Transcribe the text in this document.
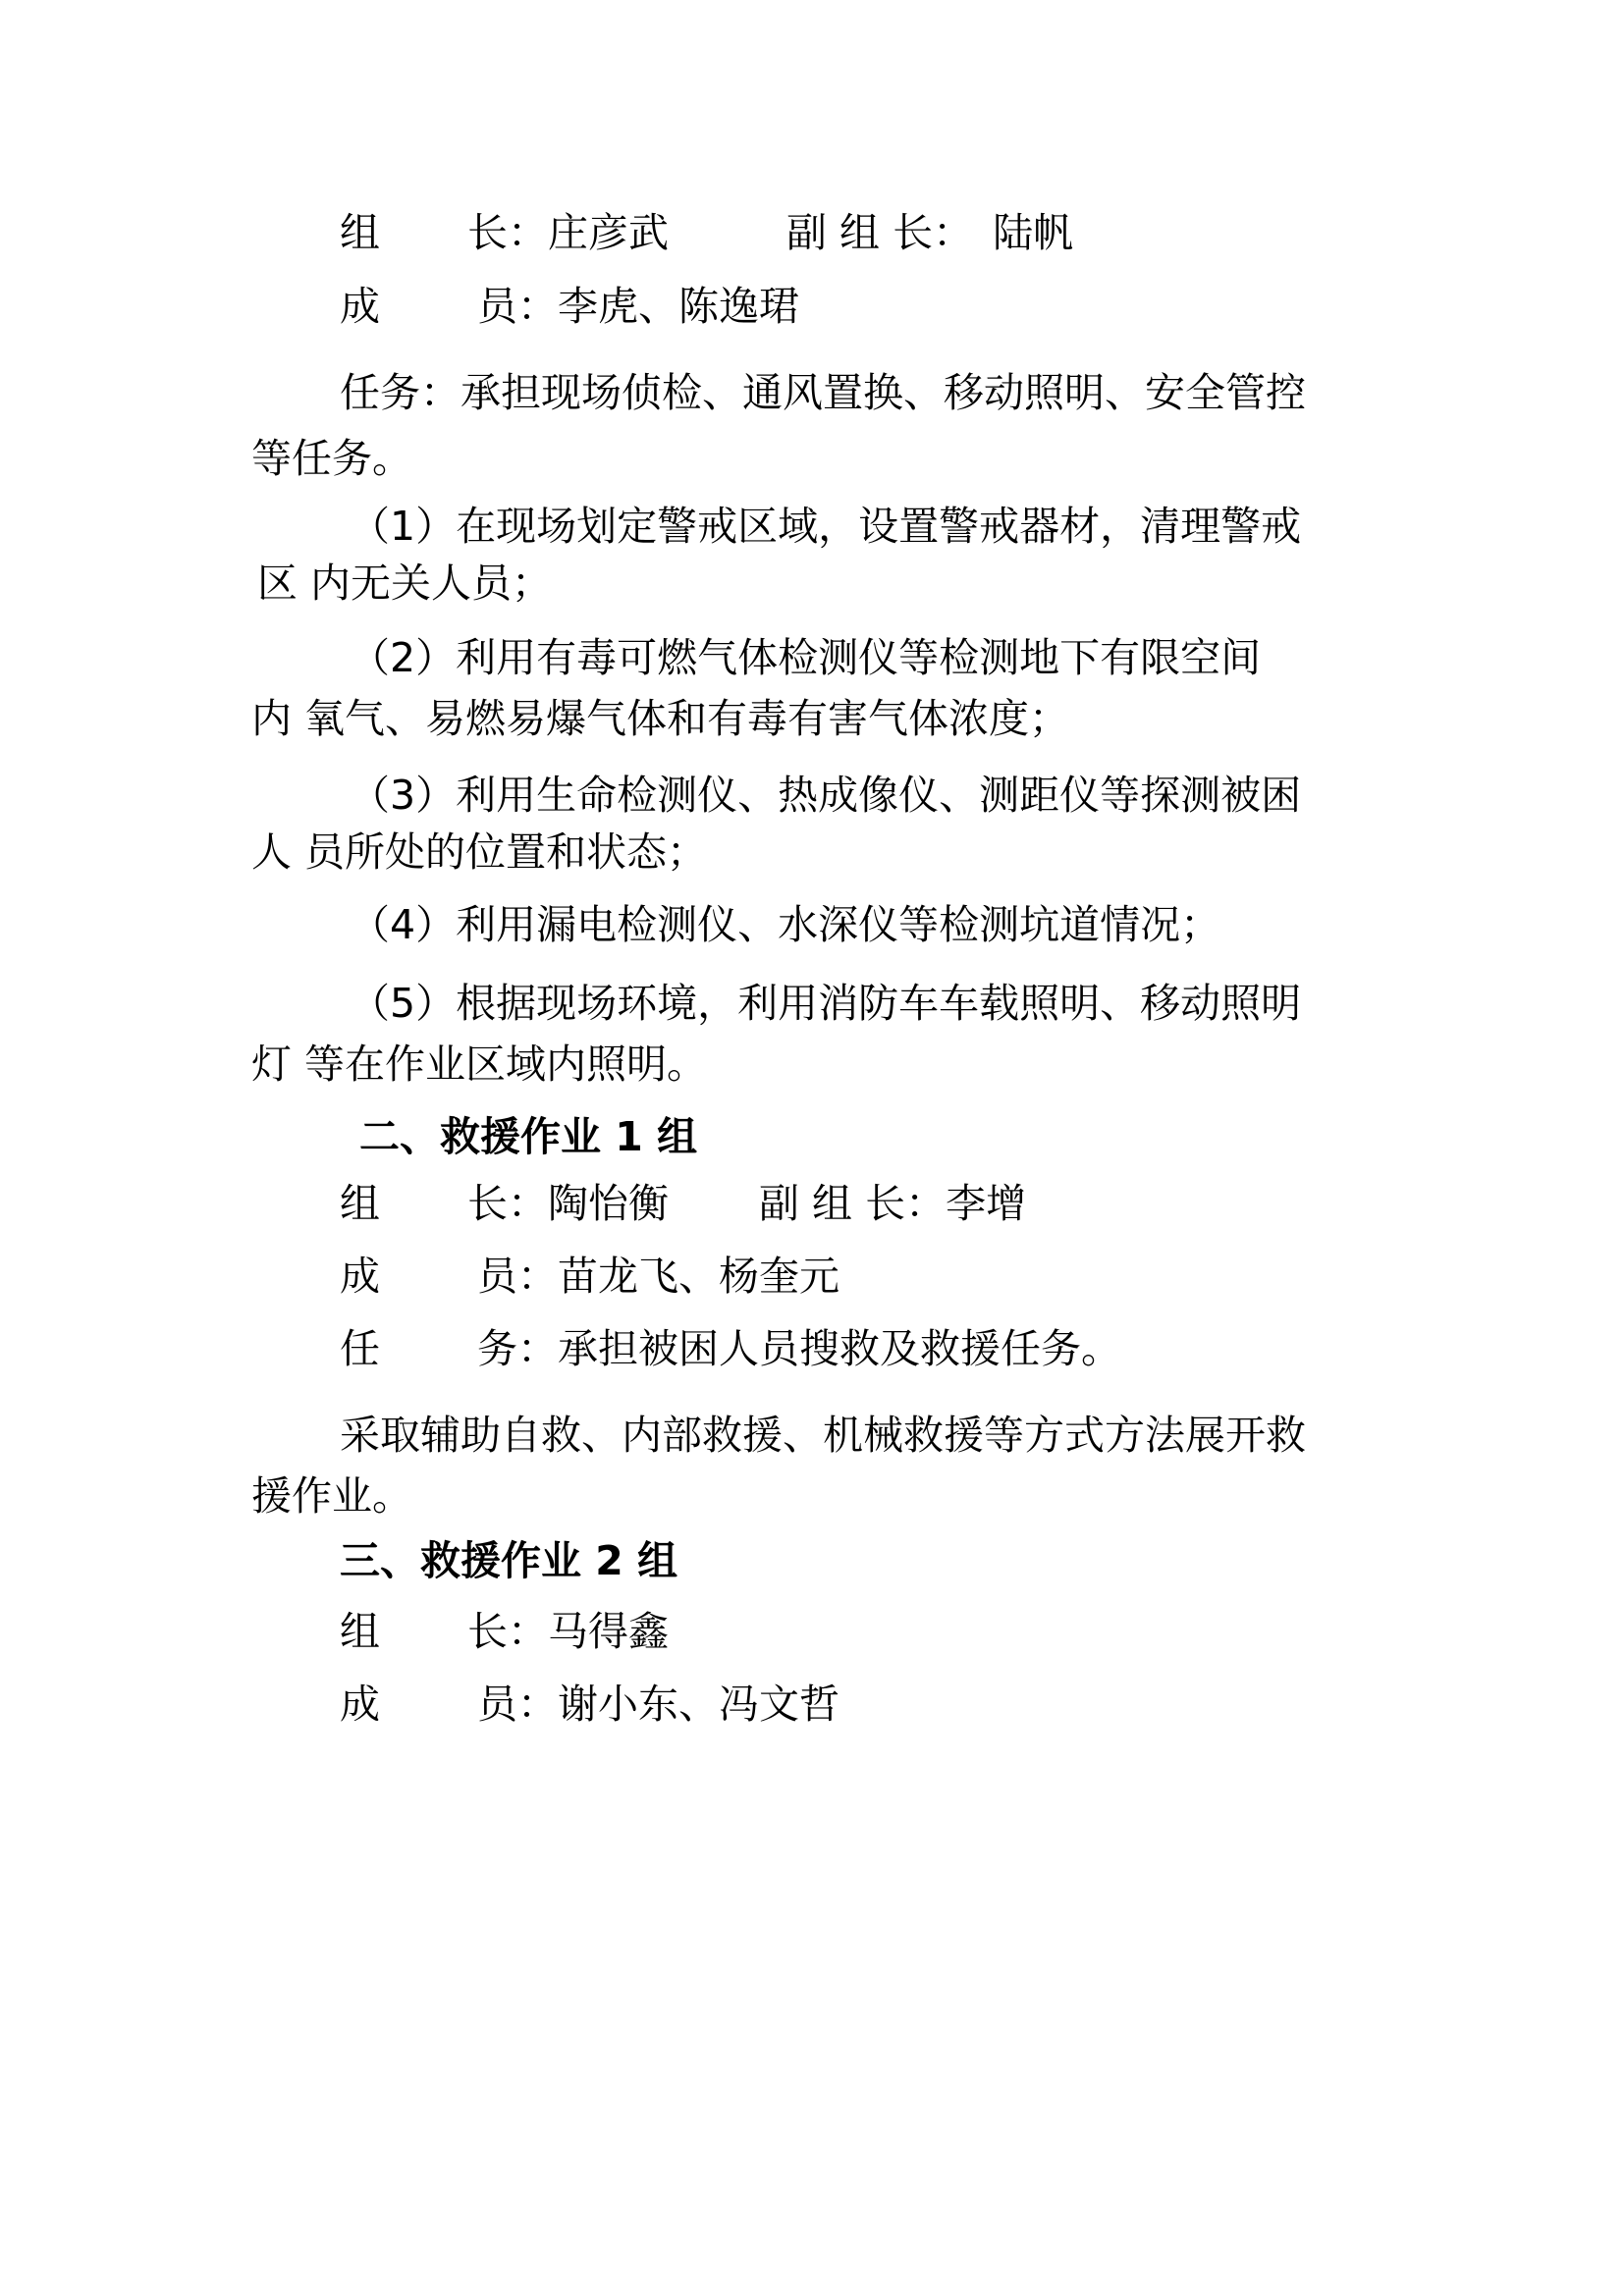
组	长： 庄彦武	副 组 长： 陆帆
成	员： 李虎、陈逸珺
任务：承担现场侦检、通风置换、移动照明、安全管控
等任务。
（1）在现场划定警戒区域，设置警戒器材，清理警戒
区 内无关人员；
（2）利用有毒可燃气体检测仪等检测地下有限空间
内 氧气、易燃易爆气体和有毒有害气体浓度；
（3）利用生命检测仪、热成像仪、测距仪等探测被困
人 员所处的位置和状态；
（4）利用漏电检测仪、水深仪等检测坑道情况；
（5）根据现场环境，利用消防车车载照明、移动照明
灯 等在作业区域内照明。
二、救援作业 1 组
组	长： 陶怡衡 副 组 长： 李增
成	员： 苗龙飞、杨奎元
任	务： 承担被困人员搜救及救援任务。
采取辅助自救、内部救援、机械救援等方式方法展开救
援作业。
三、救援作业 2 组
组	长： 马得鑫
成	员： 谢小东、冯文哲
